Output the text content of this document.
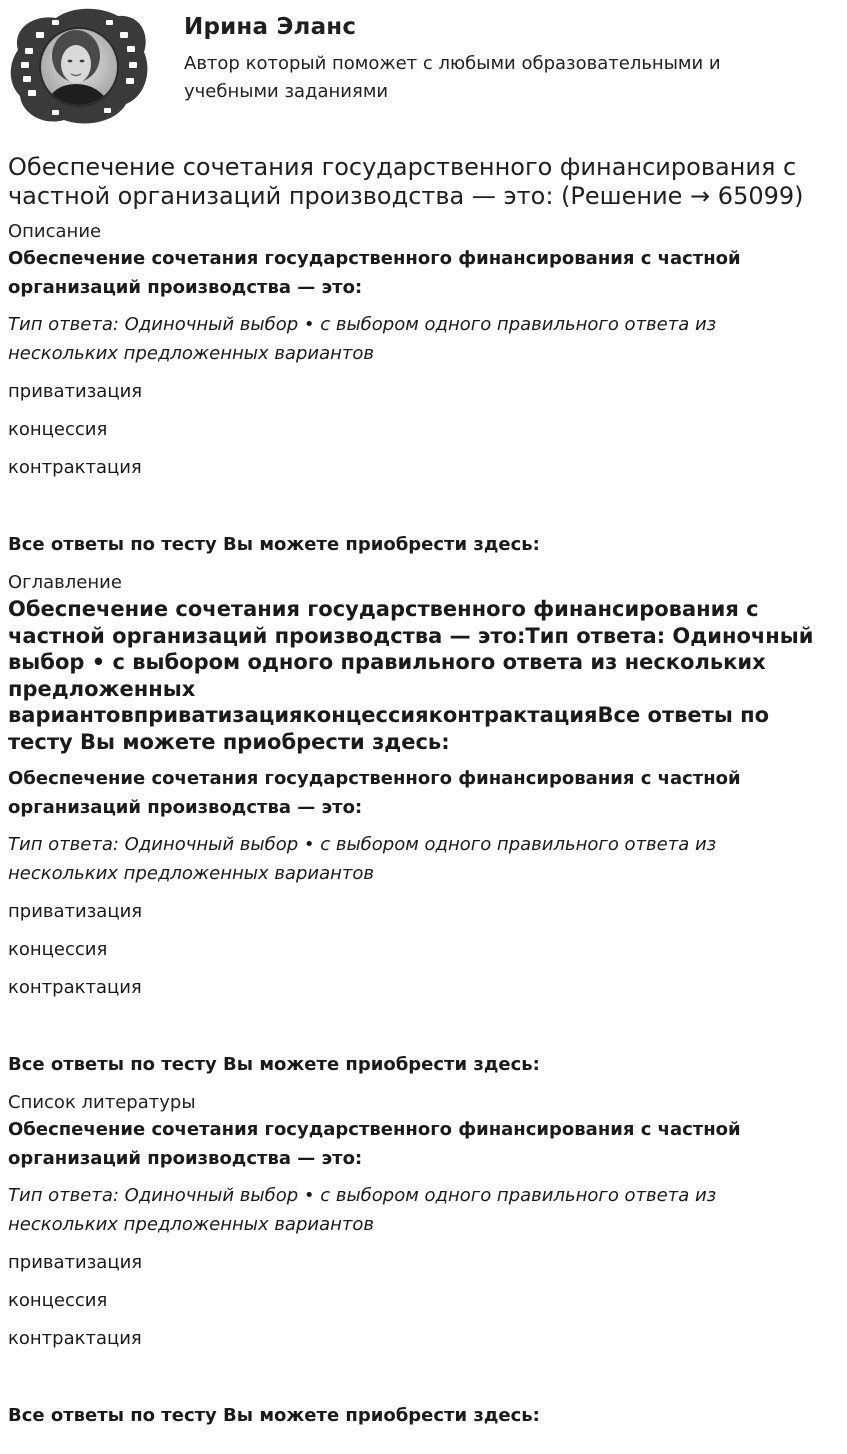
Ирина Эланс
Автор который поможет с любыми образовательными и учебными заданиями
Обеспечение сочетания государственного финансирования с частной организаций производства — это: (Решение → 65099)
Описание

Обеспечение сочетания государственного финансирования с частной организаций производства — это:

Тип ответа: Одиночный выбор • с выбором одного правильного ответа из нескольких предложенных вариантов

приватизация

концессия

контрактация

Все ответы по тесту Вы можете приобрести здесь:

Оглавление
Обеспечение сочетания государственного финансирования с частной организаций производства — это:Тип ответа: Одиночный выбор • с выбором одного правильного ответа из нескольких предложенных вариантовприватизацияконцессияконтрактацияВсе ответы по тесту Вы можете приобрести здесь:

Обеспечение сочетания государственного финансирования с частной организаций производства — это:

Тип ответа: Одиночный выбор • с выбором одного правильного ответа из нескольких предложенных вариантов

приватизация

концессия

контрактация

Все ответы по тесту Вы можете приобрести здесь:

Список литературы

Обеспечение сочетания государственного финансирования с частной организаций производства — это:

Тип ответа: Одиночный выбор • с выбором одного правильного ответа из нескольких предложенных вариантов

приватизация

концессия

контрактация

Все ответы по тесту Вы можете приобрести здесь:
